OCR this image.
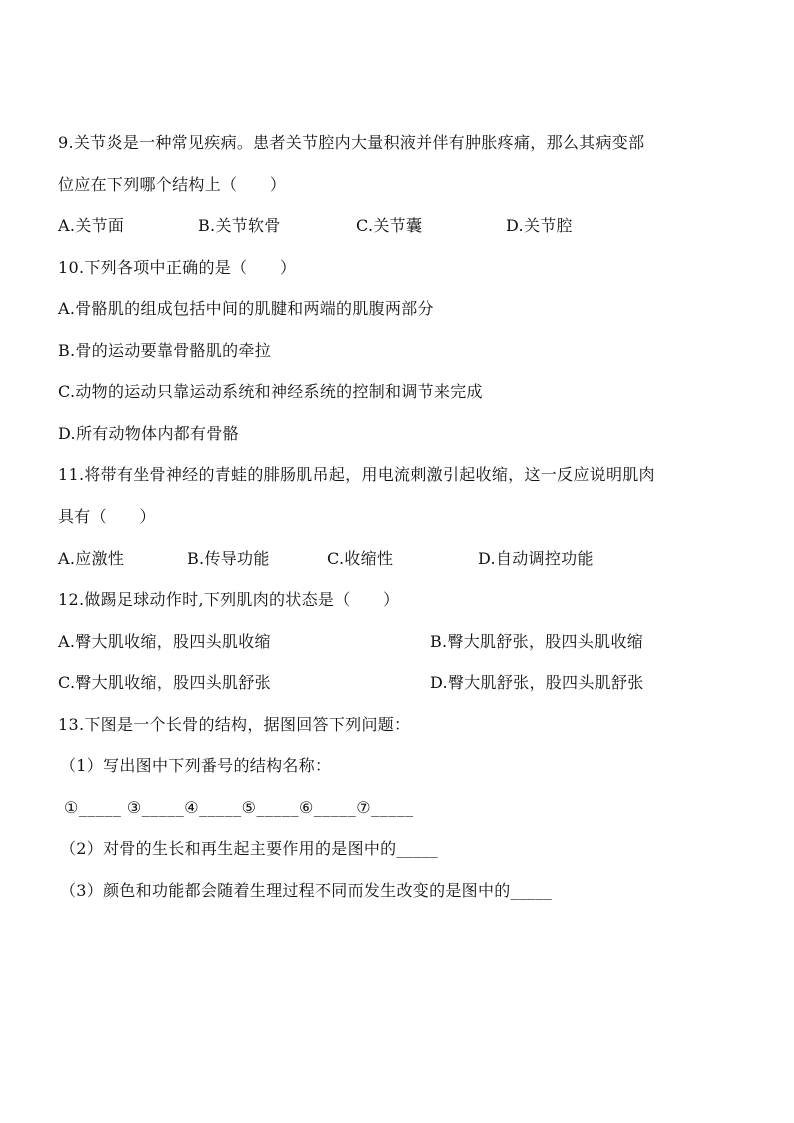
9.关节炎是一种常见疾病。患者关节腔内大量积液并伴有肿胀疼痛，那么其病变部
位应在下列哪个结构上（　　）
A.关节面	B.关节软骨	C.关节囊	D.关节腔
10.下列各项中正确的是（　　）
A.骨骼肌的组成包括中间的肌腱和两端的肌腹两部分
B.骨的运动要靠骨骼肌的牵拉
C.动物的运动只靠运动系统和神经系统的控制和调节来完成
D.所有动物体内都有骨骼
11.将带有坐骨神经的青蛙的腓肠肌吊起，用电流刺激引起收缩，这一反应说明肌肉
具有（　　）
A.应激性	B.传导功能	C.收缩性	D.自动调控功能
12.做踢足球动作时,下列肌肉的状态是（　　）
A.臀大肌收缩，股四头肌收缩	B.臀大肌舒张，股四头肌收缩
C.臀大肌收缩，股四头肌舒张	D.臀大肌舒张，股四头肌舒张
13.下图是一个长骨的结构，据图回答下列问题：
（1）写出图中下列番号的结构名称：
①_____ ③_____④_____⑤_____⑥_____⑦_____
（2）对骨的生长和再生起主要作用的是图中的_____
（3）颜色和功能都会随着生理过程不同而发生改变的是图中的_____
